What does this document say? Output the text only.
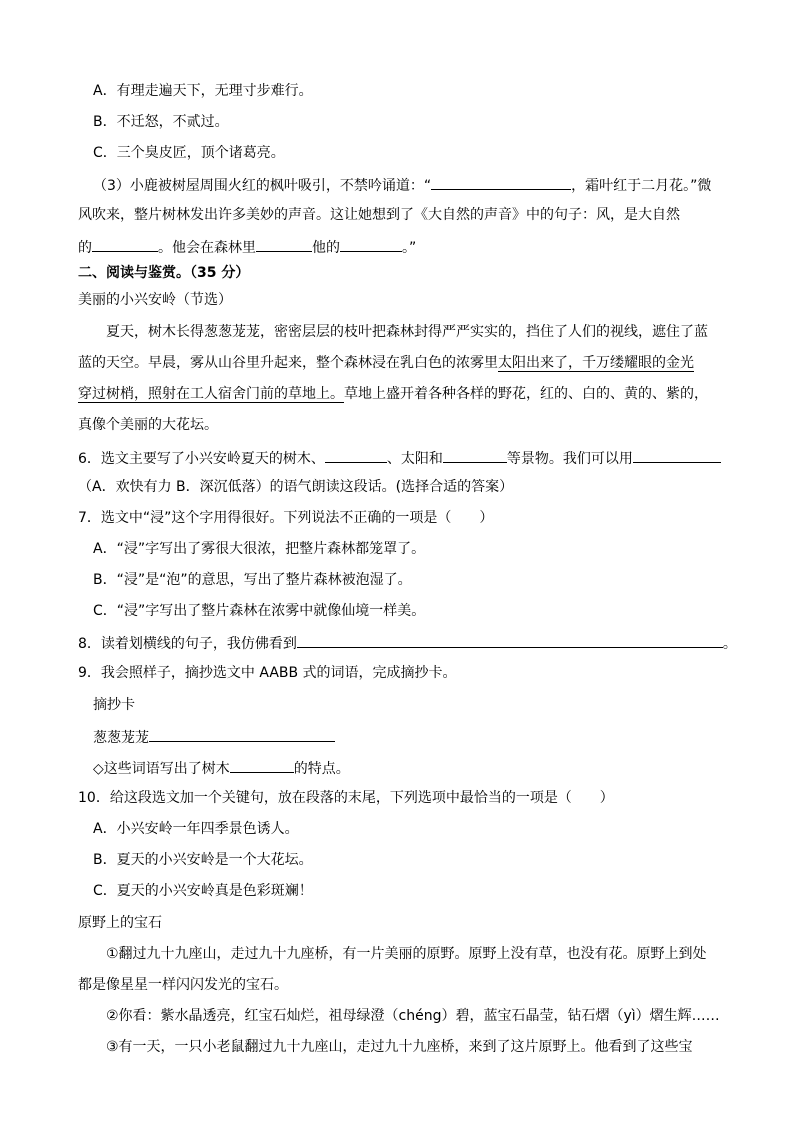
A．有理走遍天下，无理寸步难行。
B．不迁怒，不贰过。
C．三个臭皮匠，顶个诸葛亮。
（3）小鹿被树屋周围火红的枫叶吸引，不禁吟诵道：“	，霜叶红于二月花。”微
风吹来，整片树林发出许多美妙的声音。这让她想到了《大自然的声音》中的句子：风，是大自然
的	。他会在森林里	他的	。”
二、阅读与鉴赏。（35 分）
美丽的小兴安岭（节选）
夏天，树木长得葱葱茏茏，密密层层的枝叶把森林封得严严实实的，挡住了人们的视线，遮住了蓝
蓝的天空。早晨，雾从山谷里升起来，整个森林浸在乳白色的浓雾里太阳出来了，千万缕耀眼的金光
穿过树梢，照射在工人宿舍门前的草地上。草地上盛开着各种各样的野花，红的、白的、黄的、紫的，
真像个美丽的大花坛。
6．选文主要写了小兴安岭夏天的树木、	、太阳和	等景物。我们可以用
（A．欢快有力 B．深沉低落）的语气朗读这段话。(选择合适的答案）
7．选文中“浸”这个字用得很好。下列说法不正确的一项是（　　）
A．“浸”字写出了雾很大很浓，把整片森林都笼罩了。
B．“浸”是“泡”的意思，写出了整片森林被泡湿了。
C．“浸”字写出了整片森林在浓雾中就像仙境一样美。
8．读着划横线的句子，我仿佛看到	。
9．我会照样子，摘抄选文中 AABB 式的词语，完成摘抄卡。
摘抄卡
葱葱茏茏
◇这些词语写出了树木	的特点。
10．给这段选文加一个关键句，放在段落的末尾，下列选项中最恰当的一项是（　　）
A．小兴安岭一年四季景色诱人。
B．夏天的小兴安岭是一个大花坛。
C．夏天的小兴安岭真是色彩斑斓！
原野上的宝石
①翻过九十九座山，走过九十九座桥，有一片美丽的原野。原野上没有草，也没有花。原野上到处
都是像星星一样闪闪发光的宝石。
②你看：紫水晶透亮，红宝石灿烂，祖母绿澄（chéng）碧，蓝宝石晶莹，钻石熠（yì）熠生辉……
③有一天，一只小老鼠翻过九十九座山，走过九十九座桥，来到了这片原野上。他看到了这些宝
